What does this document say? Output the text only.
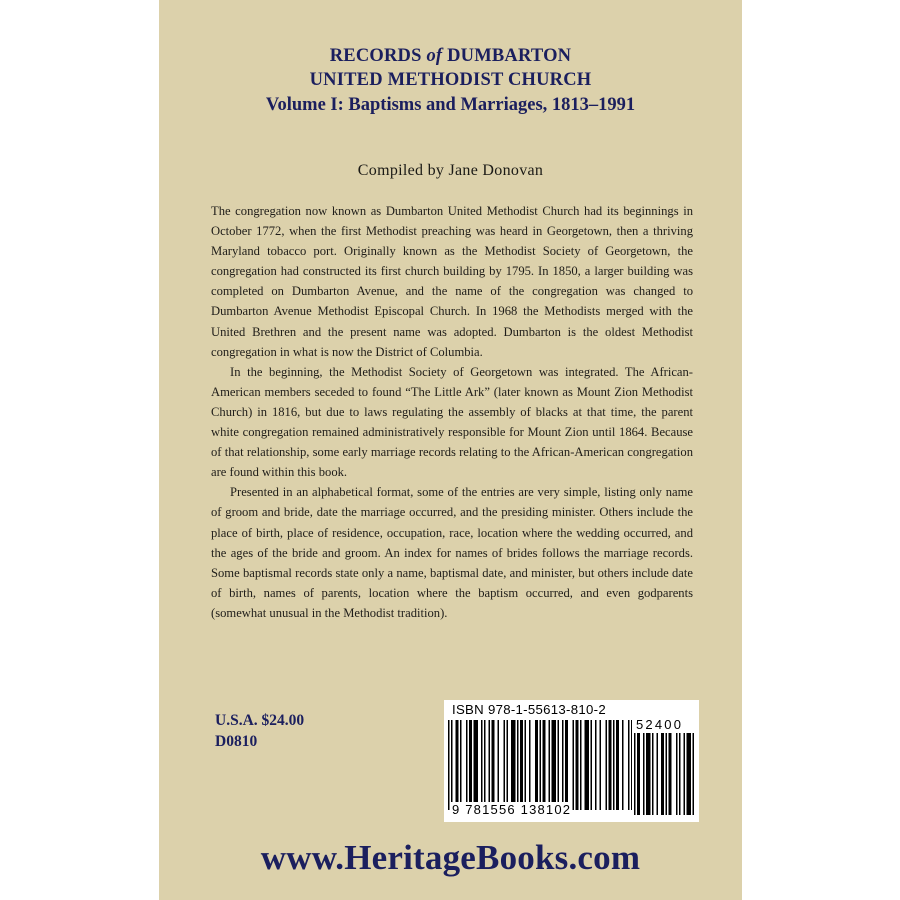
RECORDS of DUMBARTON
UNITED METHODIST CHURCH
Volume I: Baptisms and Marriages, 1813–1991
Compiled by Jane Donovan

The congregation now known as Dumbarton United Methodist Church had its beginnings in October 1772, when the first Methodist preaching was heard in Georgetown, then a thriving Maryland tobacco port. Originally known as the Methodist Society of Georgetown, the congregation had constructed its first church building by 1795. In 1850, a larger building was completed on Dumbarton Avenue, and the name of the congregation was changed to Dumbarton Avenue Methodist Episcopal Church. In 1968 the Methodists merged with the United Brethren and the present name was adopted. Dumbarton is the oldest Methodist congregation in what is now the District of Columbia.

In the beginning, the Methodist Society of Georgetown was integrated. The African-American members seceded to found “The Little Ark” (later known as Mount Zion Methodist Church) in 1816, but due to laws regulating the assembly of blacks at that time, the parent white congregation remained administratively responsible for Mount Zion until 1864. Because of that relationship, some early marriage records relating to the African-American congregation are found within this book.

Presented in an alphabetical format, some of the entries are very simple, listing only name of groom and bride, date the marriage occurred, and the presiding minister. Others include the place of birth, place of residence, occupation, race, location where the wedding occurred, and the ages of the bride and groom. An index for names of brides follows the marriage records. Some baptismal records state only a name, baptismal date, and minister, but others include date of birth, names of parents, location where the baptism occurred, and even godparents (somewhat unusual in the Methodist tradition).

U.S.A. $24.00
D0810
ISBN 978-1-55613-810-2
52400
9 781556 138102
www.HeritageBooks.com
